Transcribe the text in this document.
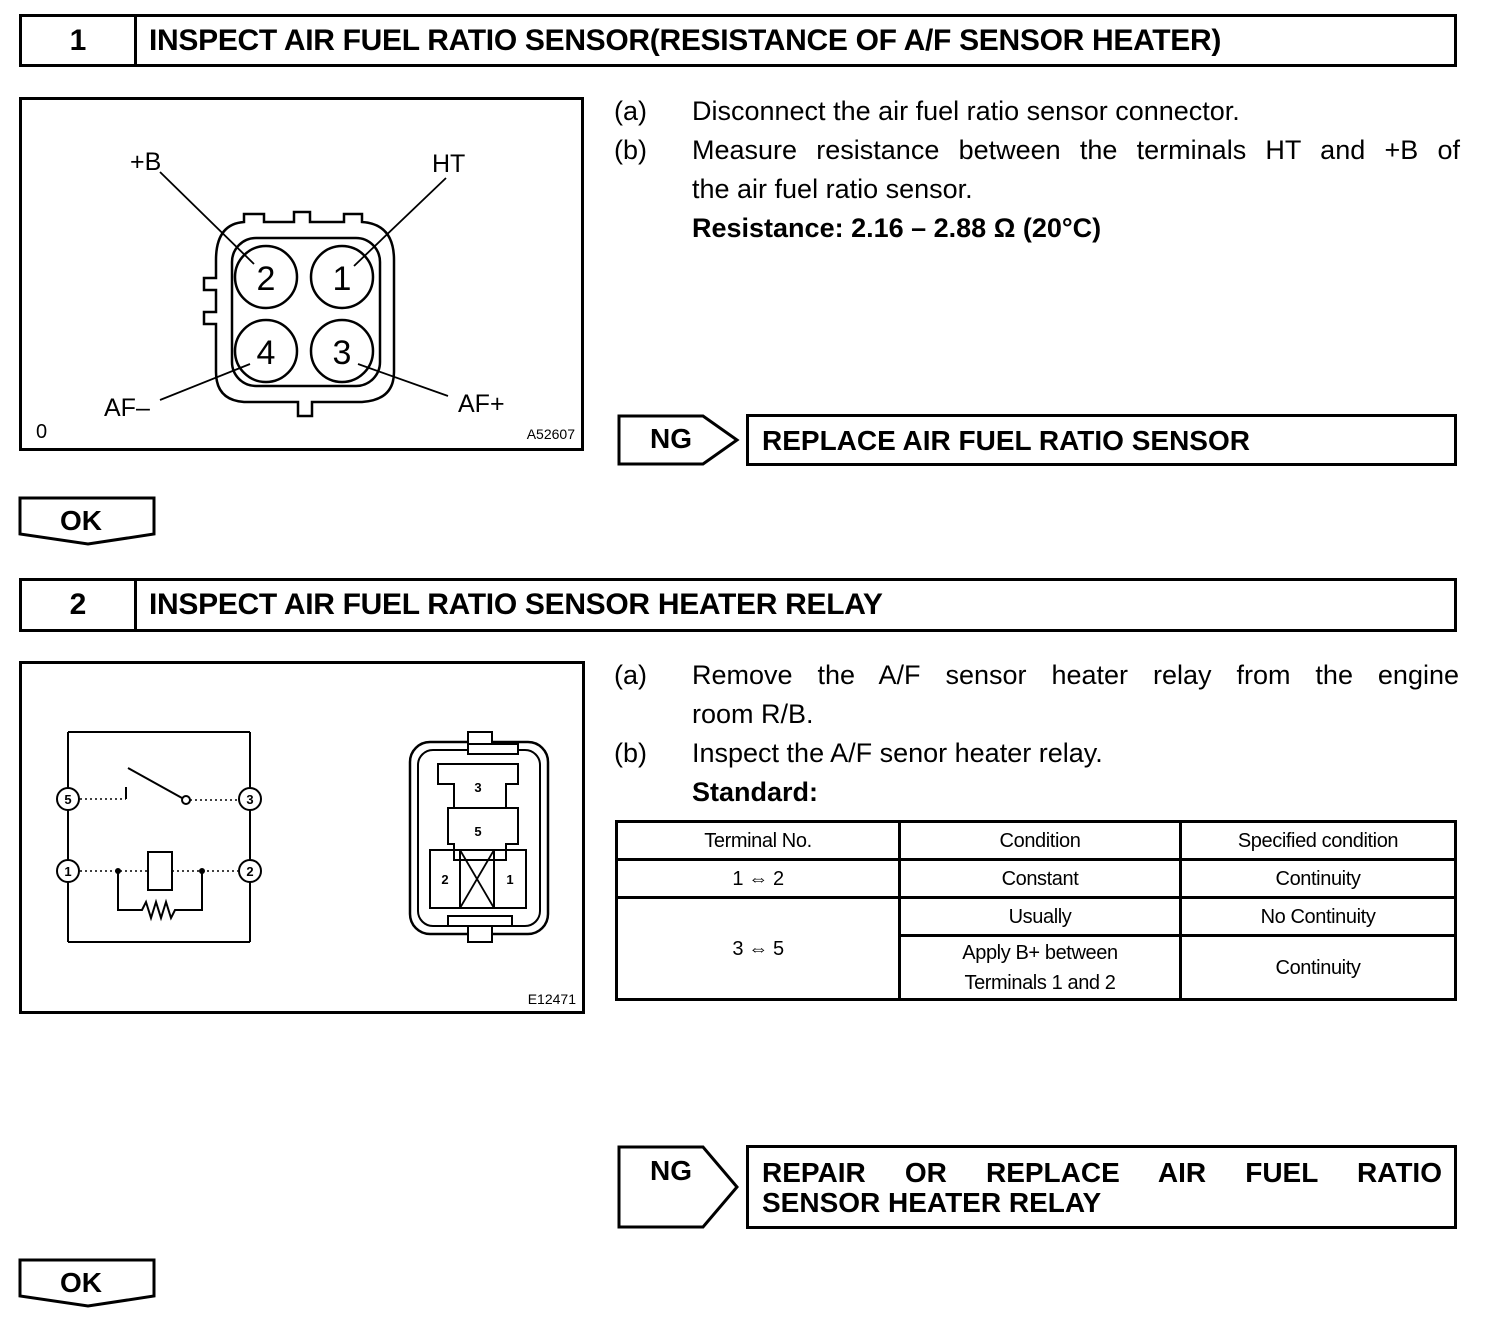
1	INSPECT AIR FUEL RATIO SENSOR(RESISTANCE OF A/F SENSOR HEATER)
2 1
4 3
+B	HT
AF–	AF+
0	A52607
(a)	Disconnect the air fuel ratio sensor connector.
(b)	Measure resistance between the terminals HT and +B of
the air fuel ratio sensor.
Resistance: 2.16 – 2.88 Ω (20°C)
NG	REPLACE AIR FUEL RATIO SENSOR
OK
2	INSPECT AIR FUEL RATIO SENSOR HEATER RELAY
5	3
1	2
3
5
2	1
E12471
(a)	Remove the A/F sensor heater relay from the engine
room R/B.
(b)	Inspect the A/F senor heater relay.
Standard:
Terminal No.	Condition	Specified condition
1 ⇔ 2	Constant	Continuity
3 ⇔ 5	Usually	No Continuity

	Apply B+ between
Terminals 1 and 2	Continuity
NG	REPAIR OR REPLACE AIR FUEL RATIO
SENSOR HEATER RELAY
OK
